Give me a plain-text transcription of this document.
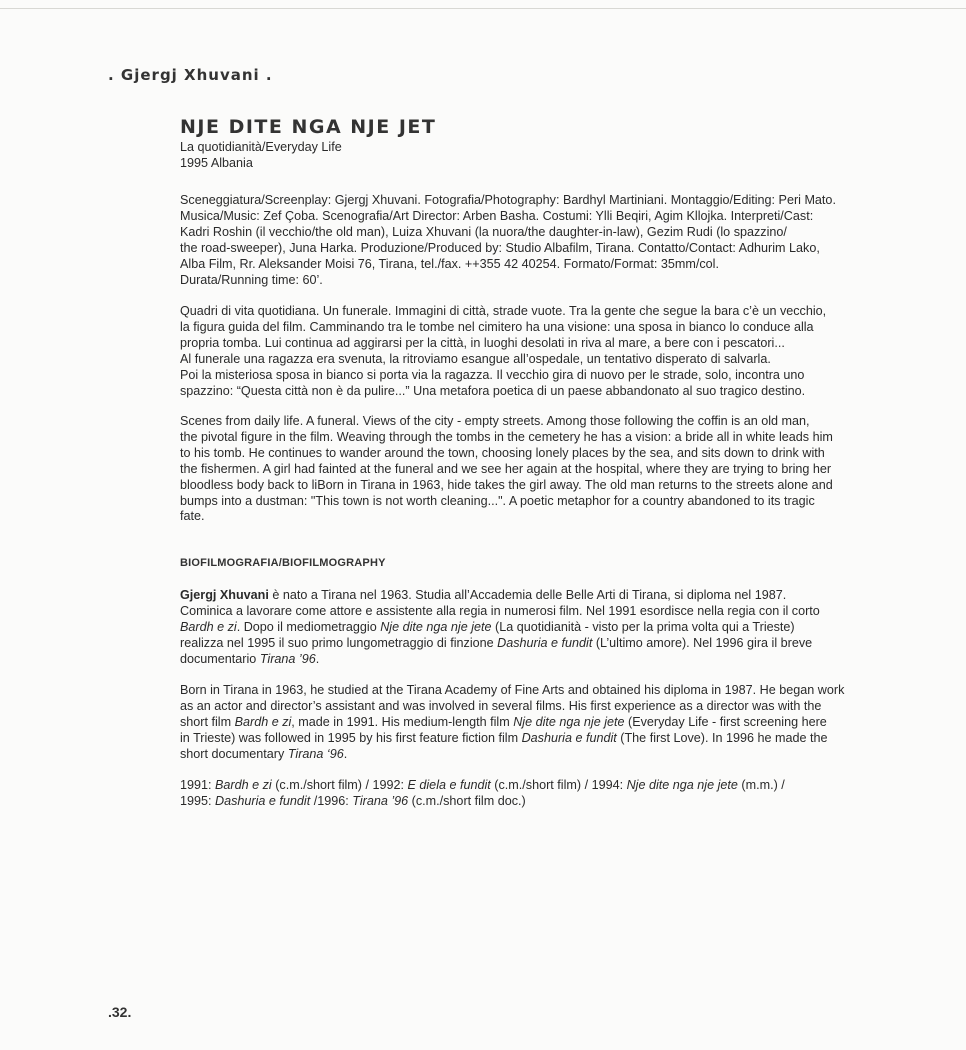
. Gjergj Xhuvani .
NJE DITE NGA NJE JET
La quotidianità/Everyday Life
1995 Albania
Sceneggiatura/Screenplay: Gjergj Xhuvani. Fotografia/Photography: Bardhyl Martiniani. Montaggio/Editing: Peri Mato.
Musica/Music: Zef Çoba. Scenografia/Art Director: Arben Basha. Costumi: Ylli Beqiri, Agim Kllojka. Interpreti/Cast:
Kadri Roshin (il vecchio/the old man), Luiza Xhuvani (la nuora/the daughter-in-law), Gezim Rudi (lo spazzino/
the road-sweeper), Juna Harka. Produzione/Produced by: Studio Albafilm, Tirana. Contatto/Contact: Adhurim Lako,
Alba Film, Rr. Aleksander Moisi 76, Tirana, tel./fax. ++355 42 40254. Formato/Format: 35mm/col.
Durata/Running time: 60’.
Quadri di vita quotidiana. Un funerale. Immagini di città, strade vuote. Tra la gente che segue la bara c’è un vecchio,
la figura guida del film. Camminando tra le tombe nel cimitero ha una visione: una sposa in bianco lo conduce alla
propria tomba. Lui continua ad aggirarsi per la città, in luoghi desolati in riva al mare, a bere con i pescatori...
Al funerale una ragazza era svenuta, la ritroviamo esangue all’ospedale, un tentativo disperato di salvarla.
Poi la misteriosa sposa in bianco si porta via la ragazza. Il vecchio gira di nuovo per le strade, solo, incontra uno
spazzino: “Questa città non è da pulire...” Una metafora poetica di un paese abbandonato al suo tragico destino.
Scenes from daily life. A funeral. Views of the city - empty streets. Among those following the coffin is an old man,
the pivotal figure in the film. Weaving through the tombs in the cemetery he has a vision: a bride all in white leads him
to his tomb. He continues to wander around the town, choosing lonely places by the sea, and sits down to drink with
the fishermen. A girl had fainted at the funeral and we see her again at the hospital, where they are trying to bring her
bloodless body back to liBorn in Tirana in 1963, hide takes the girl away. The old man returns to the streets alone and
bumps into a dustman: "This town is not worth cleaning...". A poetic metaphor for a country abandoned to its tragic
fate.
BIOFILMOGRAFIA/BIOFILMOGRAPHY
Gjergj Xhuvani è nato a Tirana nel 1963. Studia all’Accademia delle Belle Arti di Tirana, si diploma nel 1987.
Cominica a lavorare come attore e assistente alla regia in numerosi film. Nel 1991 esordisce nella regia con il corto
Bardh e zi. Dopo il mediometraggio Nje dite nga nje jete (La quotidianità - visto per la prima volta qui a Trieste)
realizza nel 1995 il suo primo lungometraggio di finzione Dashuria e fundit (L’ultimo amore). Nel 1996 gira il breve
documentario Tirana ’96.
Born in Tirana in 1963, he studied at the Tirana Academy of Fine Arts and obtained his diploma in 1987. He began work
as an actor and director’s assistant and was involved in several films. His first experience as a director was with the
short film Bardh e zi, made in 1991. His medium-length film Nje dite nga nje jete (Everyday Life - first screening here
in Trieste) was followed in 1995 by his first feature fiction film Dashuria e fundit (The first Love). In 1996 he made the
short documentary Tirana ‘96.
1991: Bardh e zi (c.m./short film) / 1992: E diela e fundit (c.m./short film) / 1994: Nje dite nga nje jete (m.m.) /
1995: Dashuria e fundit /1996: Tirana ’96 (c.m./short film doc.)
.32.
